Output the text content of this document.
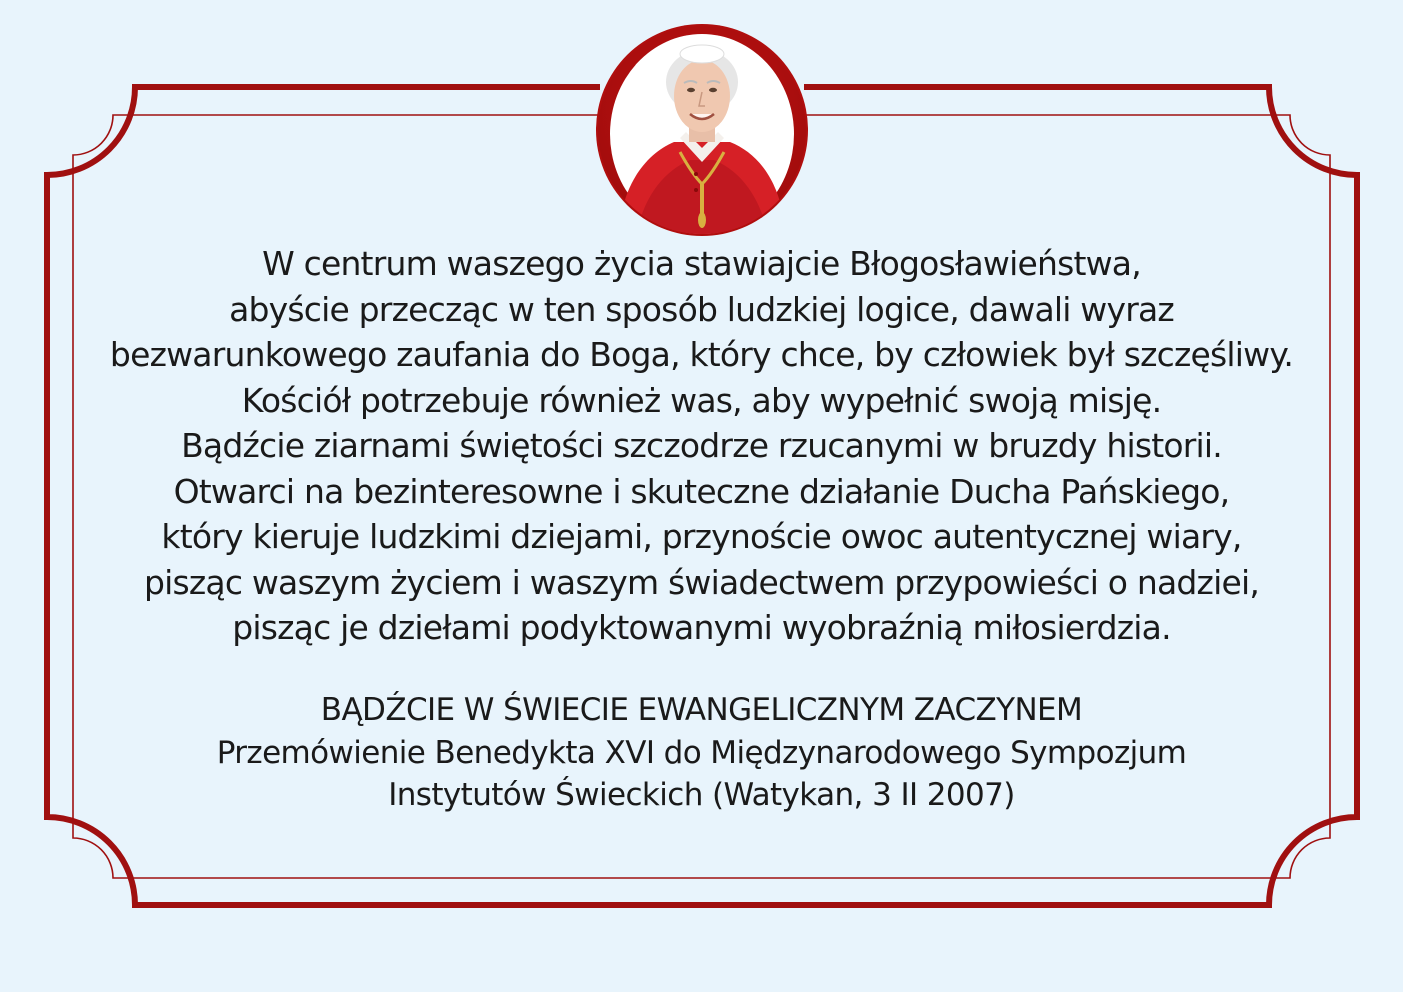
W centrum waszego życia stawiajcie Błogosławieństwa,
abyście przecząc w ten sposób ludzkiej logice, dawali wyraz
bezwarunkowego zaufania do Boga, który chce, by człowiek był szczęśliwy.
Kościół potrzebuje również was, aby wypełnić swoją misję.
Bądźcie ziarnami świętości szczodrze rzucanymi w bruzdy historii.
Otwarci na bezinteresowne i skuteczne działanie Ducha Pańskiego,
który kieruje ludzkimi dziejami, przynoście owoc autentycznej wiary,
pisząc waszym życiem i waszym świadectwem przypowieści o nadziei,
pisząc je dziełami podyktowanymi wyobraźnią miłosierdzia.
BĄDŹCIE W ŚWIECIE EWANGELICZNYM ZACZYNEM
Przemówienie Benedykta XVI do Międzynarodowego Sympozjum
Instytutów Świeckich (Watykan, 3 II 2007)
